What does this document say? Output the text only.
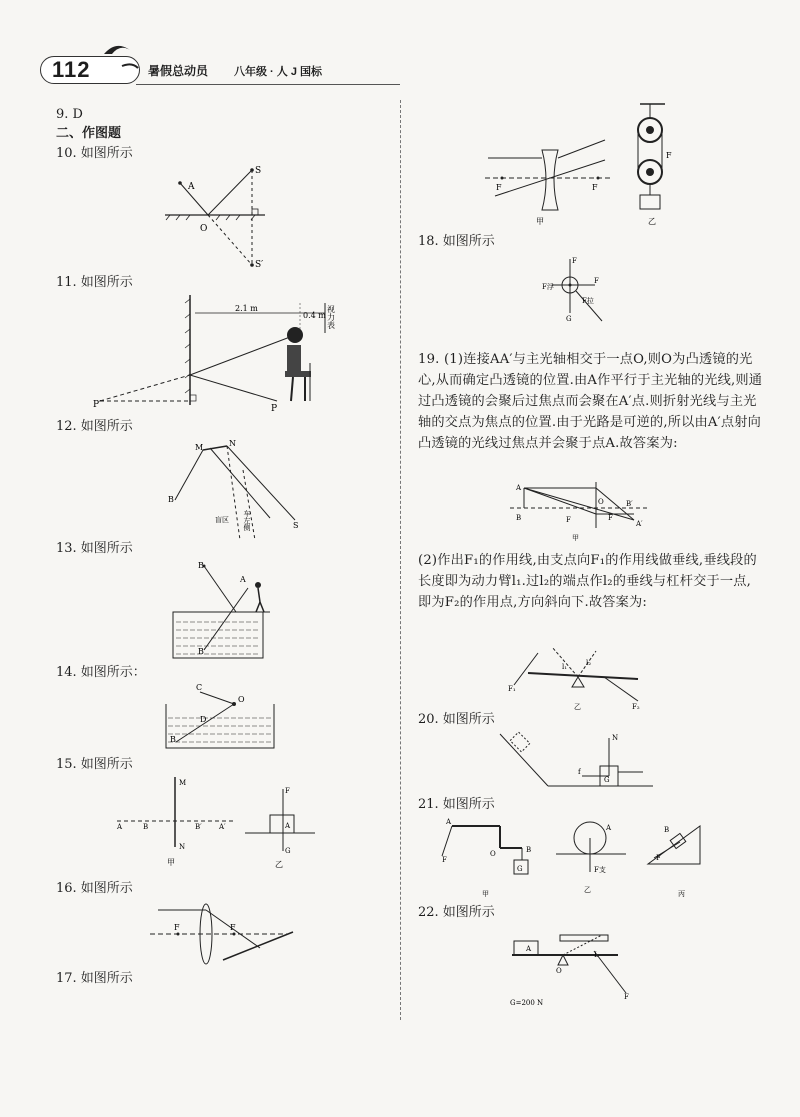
112	暑假总动员 八年级 · 人 J 国标
9. D
二、作图题
10. 如图所示
11. 如图所示
12. 如图所示
13. 如图所示
14. 如图所示：
15. 如图所示
16. 如图所示
17. 如图所示
A
S
O
S′
2.1 m
0.4 m 视力表
P′	P
M	N
B
盲区 车左侧	S
B
A
B′
C
O
D
B
M
N
A	B	B′ A′
甲
F
A
G
乙
F	F
F	F
甲
F
乙
18. 如图所示
F
F浮
F
F拉
G
19. (1)连接AA′与主光轴相交于一点O,则O为凸透镜的光心,从而确定凸透镜的位置.由A作平行于主光轴的光线,则通过凸透镜的会聚后过焦点而会聚在A′点.则折射光线与主光轴的交点为焦点的位置.由于光路是可逆的,所以由A′点射向凸透镜的光线过焦点并会聚于点A.故答案为:
A
B	F
O
F
B′
A′
甲
(2)作出F₁的作用线,由支点向F₁的作用线做垂线,垂线段的长度即为动力臂l₁.过l₂的端点作l₂的垂线与杠杆交于一点,即为F₂的作用点,方向斜向下.故答案为:
l₁	l₂
F₁
F₂
乙
20. 如图所示
N
f
G
21. 如图所示
A
F
O	B
G
A
F支
B
F
甲	乙	丙
22. 如图所示
A
O
L
F
G=200 N
